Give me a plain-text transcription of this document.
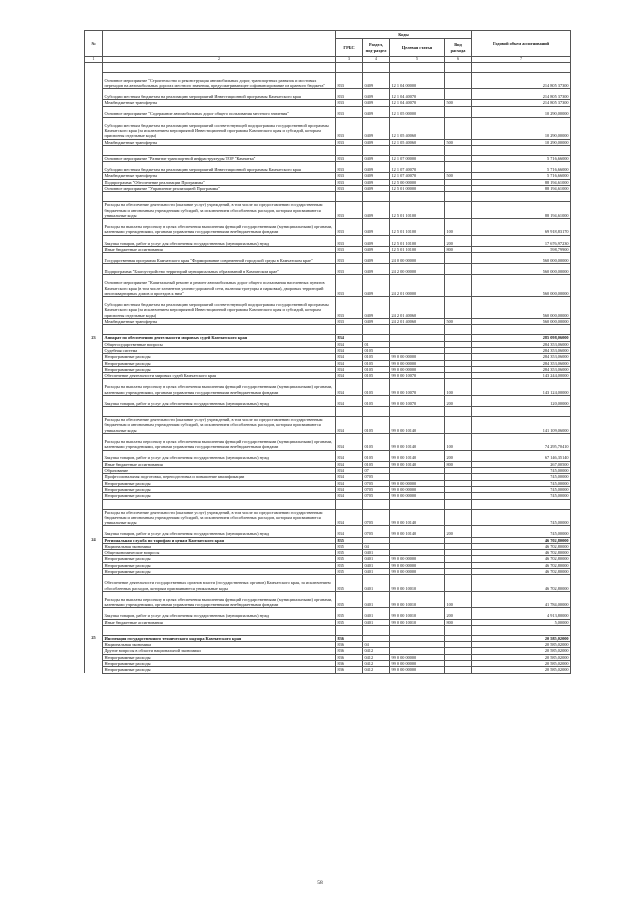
№		Коды				Годовой объем ассигнований
		ГРБС	Раздел, под-раздел	Целевая статья	Вид расхода	
1	2	3	4	5	6	7

	Основное мероприятие "Строительство и реконструкция автомобильных дорог, транспортных развязок и мостовых переходов на автомобильных дорогах местного значения, предусматривающее софинансирование из краевого бюджета"	833	0409	12 1 04 00000		214 805 37300
	Субсидии местным бюджетам на реализацию мероприятий Инвестиционной программы Камчатского края	833	0409	12 1 04 40070		214 805 37300
	Межбюджетные трансферты	833	0409	12 1 04 40070	500	214 805 37300
	Основное мероприятие "Содержание автомобильных дорог общего пользования местного значения"	833	0409	12 1 05 00000		10 290,00000
	Субсидии местным бюджетам на реализацию мероприятий соответствующей подпрограммы государственной программы Камчатского края (за исключением мероприятий Инвестиционной программы Камчатского края и субсидий, которым присвоены отдельные коды)	833	0409	12 1 05 40060		10 290,00000
	Межбюджетные трансферты	833	0409	12 1 05 40060	500	10 290,00000

	Основное мероприятие "Развитие транспортной инфраструктуры ТОР "Камчатка"	833	0409	12 1 07 00000		5 716,66000
	Субсидии местным бюджетам на реализацию мероприятий Инвестиционной программы Камчатского края	833	0409	12 1 07 40070		5 716,66000
	Межбюджетные трансферты	833	0409	12 1 07 40070	500	5 716,66000
	Подпрограмма "Обеспечение реализации Программы"	833	0409	12 5 00 00000		88 194,61000
	Основное мероприятие "Управление реализацией Программы"	833	0409	12 5 01 00000		88 194,61000

	Расходы на обеспечение деятельности (оказание услуг) учреждений, в том числе по предоставлению государственным бюджетным и автономным учреждениям субсидий, за исключением обособленных расходов, которым присваиваются уникальные коды	833	0409	12 5 01 10100		88 194,61000
	Расходы на выплаты персоналу в целях обеспечения выполнения функций государственными (муниципальными) органами, казенными учреждениями, органами управления государственными внебюджетными фондами	833	0409	12 5 01 10100	100	69 918,83170
	Закупка товаров, работ и услуг для обеспечения государственных (муниципальных) нужд	833	0409	12 5 01 10100	200	17 676,97230
	Иные бюджетные ассигнования	833	0409	12 5 01 10100	800	598,79900
	Государственная программа Камчатского края "Формирование современной городской среды в Камчатском крае"	833	0409	24 0 00 00000		560 000,00000
	Подпрограмма "Благоустройство территорий муниципальных образований в Камчатском крае"	833	0409	24 2 00 00000		560 000,00000
	Основное мероприятие "Капитальный ремонт и ремонт автомобильных дорог общего пользования населенных пунктов Камчатского края (в том числе элементов улично-дорожной сети, включая тротуары и парковки), дворовых территорий многоквартирных домов и проездов к ним"	833	0409	24 2 01 00000		560 000,00000
	Субсидии местным бюджетам на реализацию мероприятий соответствующей подпрограммы государственной программы Камчатского края (за исключением мероприятий Инвестиционной программы Камчатского края и субсидий, которым присвоены отдельные коды)	833	0409	24 2 01 40060		560 000,00000
	Межбюджетные трансферты	833	0409	24 2 01 40060	500	560 000,00000

23	Аппарат по обеспечению деятельности мировых судей Камчатского края	834				285 098,06000
	Общегосударственные вопросы	834	01			284 353,06000
	Судебная система	834	0105			284 353,06000
	Непрограммные расходы	834	0105	99 0 00 00000		284 353,06000
	Непрограммные расходы	834	0105	99 0 00 00000		284 353,06000
	Непрограммные расходы	834	0105	99 0 00 00000		284 353,06000
	Обеспечение деятельности мировых судей Камчатского края	834	0105	99 0 00 10070		143 244,00000
	Расходы на выплаты персоналу в целях обеспечения выполнения функций государственными (муниципальными) органами, казенными учреждениями, органами управления государственными внебюджетными фондами	834	0105	99 0 00 10070	100	143 124,00000
	Закупка товаров, работ и услуг для обеспечения государственных (муниципальных) нужд	834	0105	99 0 00 10070	200	120,00000

	Расходы на обеспечение деятельности (оказание услуг) учреждений, в том числе по предоставлению государственным бюджетным и автономным учреждениям субсидий, за исключением обособленных расходов, которым присваиваются уникальные коды	834	0105	99 0 00 10140		141 109,06000
	Расходы на выплаты персоналу в целях обеспечения выполнения функций государственными (муниципальными) органами, казенными учреждениями, органами управления государственными внебюджетными фондами	834	0105	99 0 00 10140	100	74 295,70410
	Закупка товаров, работ и услуг для обеспечения государственных (муниципальных) нужд	834	0105	99 0 00 10140	200	67 146,35140
	Иные бюджетные ассигнования	834	0105	99 0 00 10140	800	267,00500
	Образование	834	07			745,00000
	Профессиональная подготовка, переподготовка и повышение квалификации	834	0705			745,00000
	Непрограммные расходы	834	0705	99 0 00 00000		745,00000
	Непрограммные расходы	834	0705	99 0 00 00000		745,00000
	Непрограммные расходы	834	0705	99 0 00 00000		745,00000

	Расходы на обеспечение деятельности (оказание услуг) учреждений, в том числе по предоставлению государственным бюджетным и автономным учреждениям субсидий, за исключением обособленных расходов, которым присваиваются уникальные коды	834	0705	99 0 00 10140		745,00000
	Закупка товаров, работ и услуг для обеспечения государственных (муниципальных) нужд	834	0705	99 0 00 10140	200	745,00000
24	Региональная служба по тарифам и ценам Камчатского края	835				46 702,80000
	Национальная экономика	835	04			46 702,80000
	Общеэкономические вопросы	835	0401			46 702,80000
	Непрограммные расходы	835	0401	99 0 00 00000		46 702,80000
	Непрограммные расходы	835	0401	99 0 00 00000		46 702,80000
	Непрограммные расходы	835	0401	99 0 00 00000		46 702,80000
	Обеспечение деятельности государственных органов власти (государственных органов) Камчатского края, за исключением обособленных расходов, которым присваиваются уникальные коды	835	0401	99 0 00 10010		46 702,80000
	Расходы на выплаты персоналу в целях обеспечения выполнения функций государственными (муниципальными) органами, казенными учреждениями, органами управления государственными внебюджетными фондами	835	0401	99 0 00 10010	100	41 784,00000
	Закупка товаров, работ и услуг для обеспечения государственных (муниципальных) нужд	835	0401	99 0 00 10010	200	4 913,80000
	Иные бюджетные ассигнования	835	0401	99 0 00 10010	800	5,00000

25	Инспекция государственного технического надзора Камчатского края	836				20 585,02000
	Национальная экономика	836	04			20 585,02000
	Другие вопросы в области национальной экономики	836	0412			20 585,02000
	Непрограммные расходы	836	0412	99 0 00 00000		20 585,02000
	Непрограммные расходы	836	0412	99 0 00 00000		20 585,02000
	Непрограммные расходы	836	0412	99 0 00 00000		20 585,02000
58
